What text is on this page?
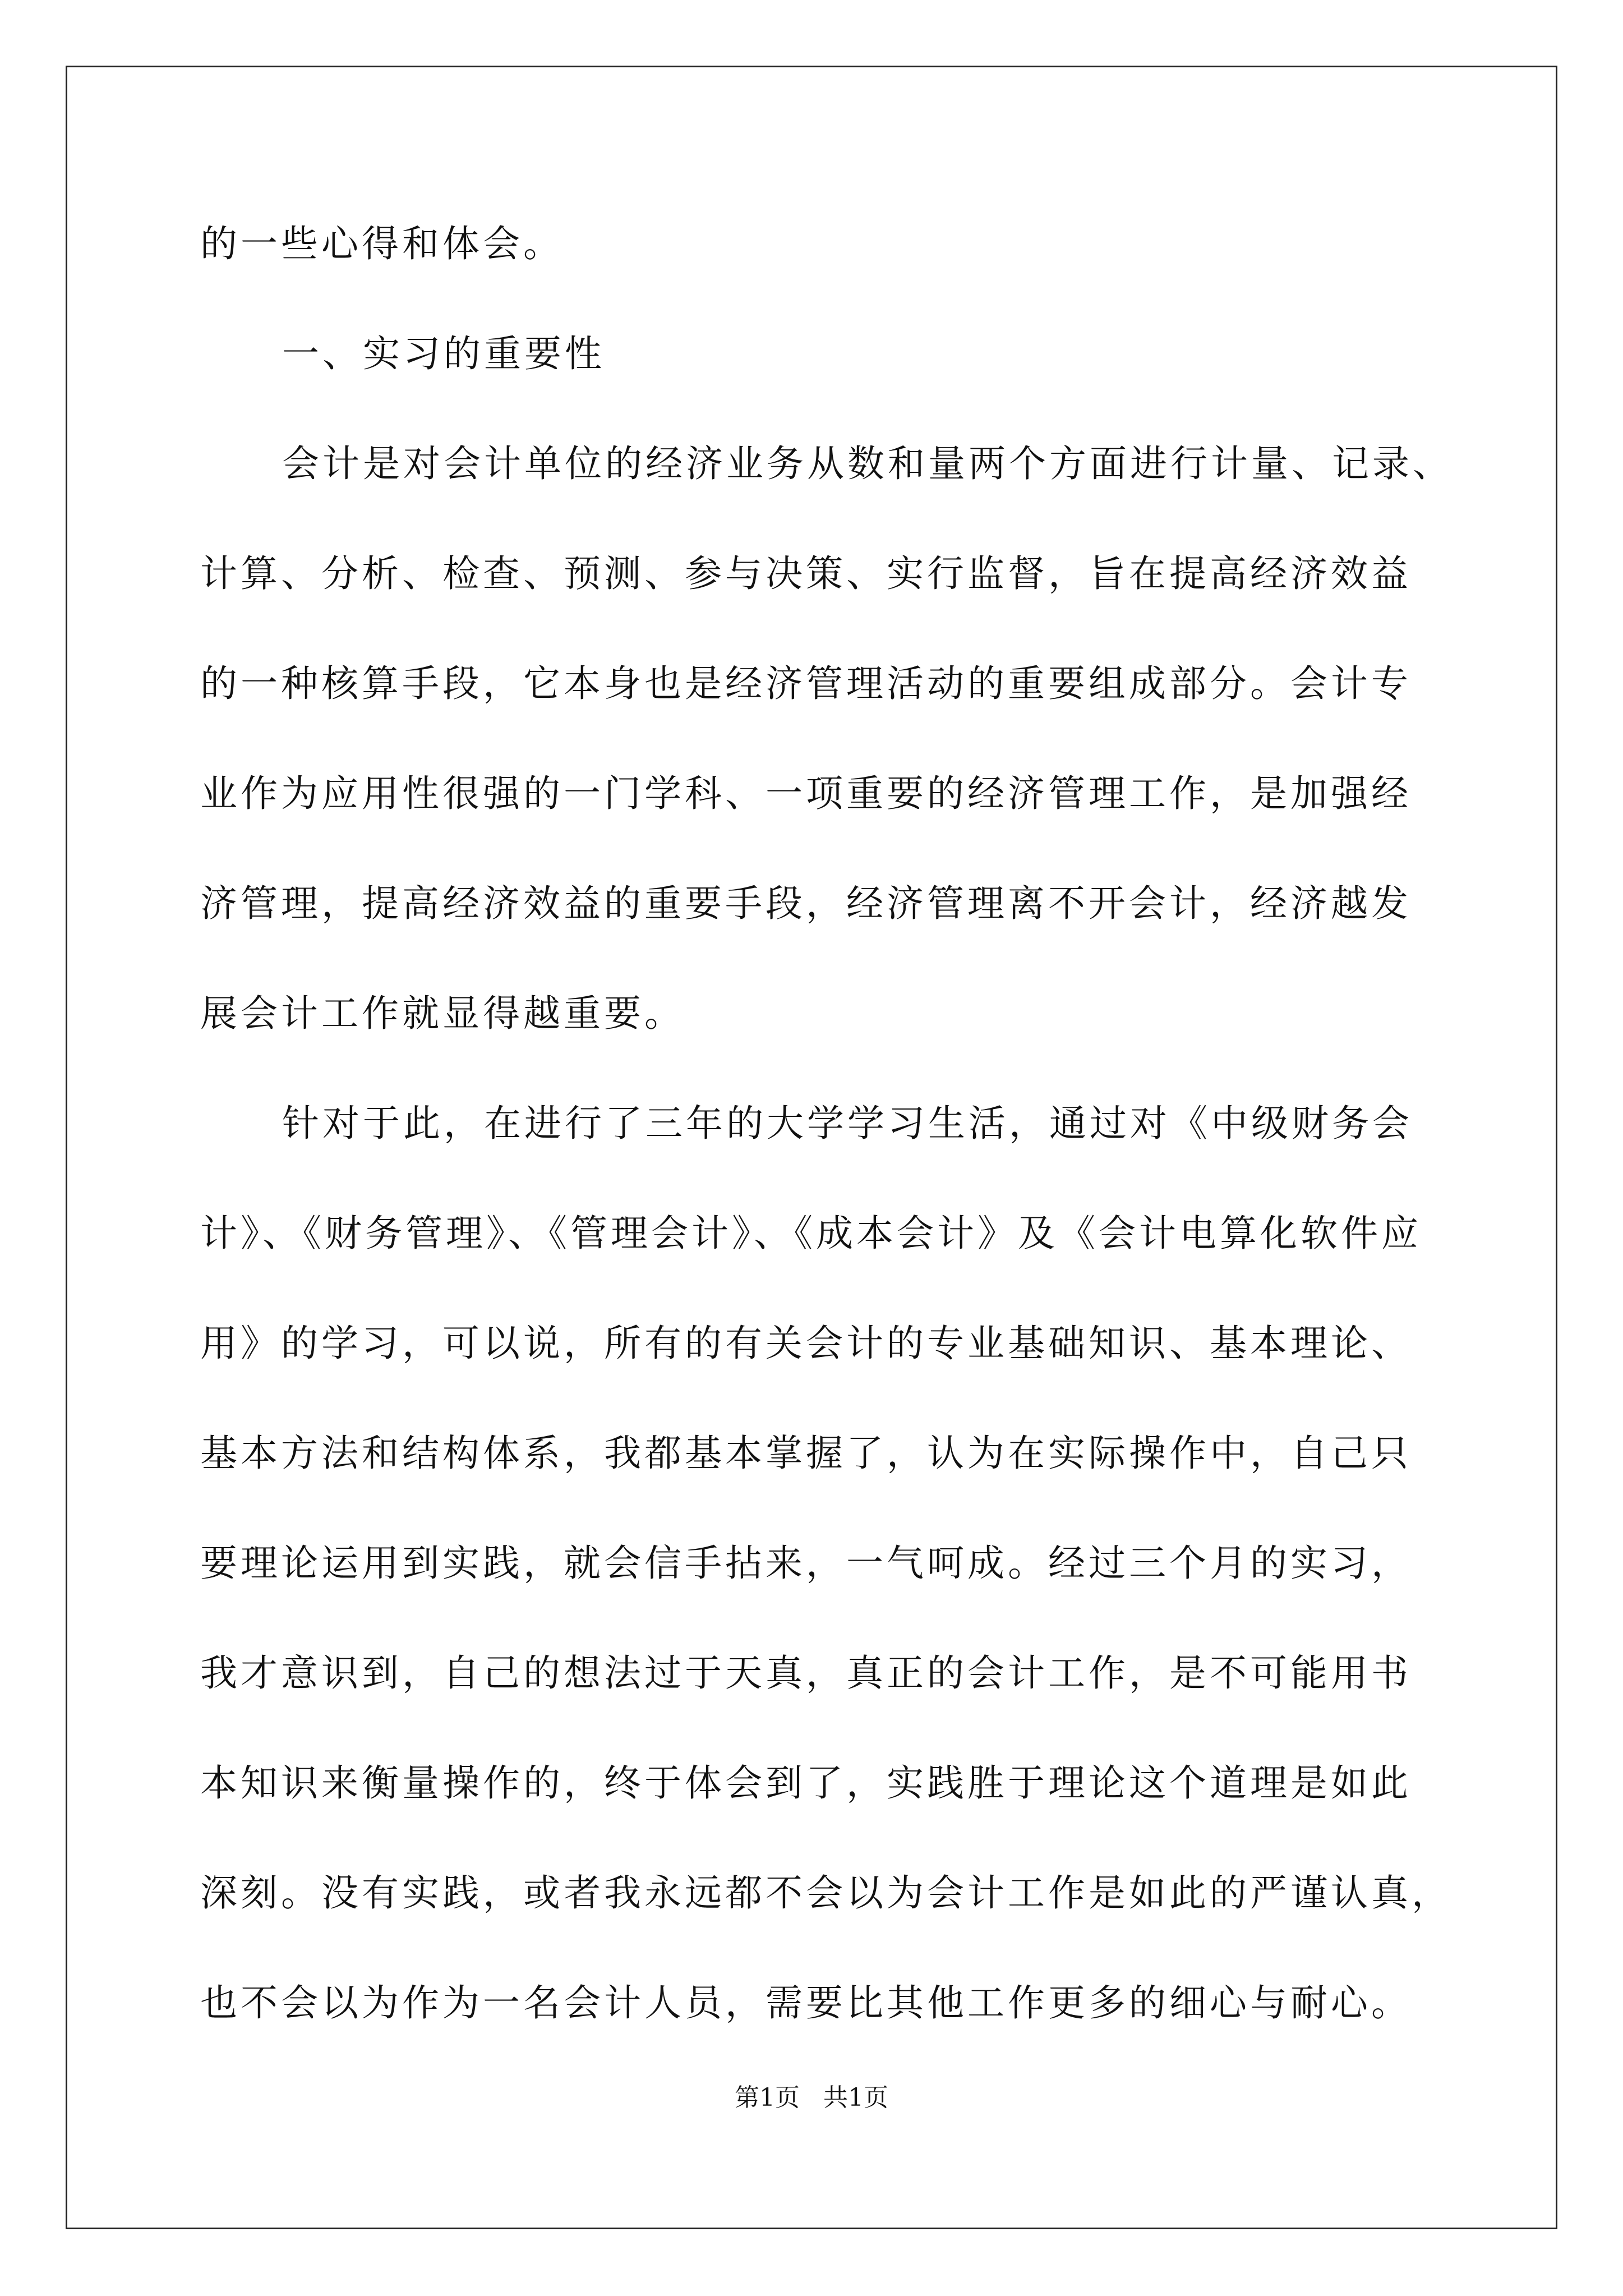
的一些心得和体会。
一、实习的重要性
会计是对会计单位的经济业务从数和量两个方面进行计量、记录、
计算、分析、检查、预测、参与决策、实行监督，旨在提高经济效益
的一种核算手段，它本身也是经济管理活动的重要组成部分。会计专
业作为应用性很强的一门学科、一项重要的经济管理工作，是加强经
济管理，提高经济效益的重要手段，经济管理离不开会计，经济越发
展会计工作就显得越重要。
针对于此，在进行了三年的大学学习生活，通过对《中级财务会
计》、《财务管理》、《管理会计》、《成本会计》及《会计电算化软件应
用》的学习，可以说，所有的有关会计的专业基础知识、基本理论、
基本方法和结构体系，我都基本掌握了，认为在实际操作中，自己只
要理论运用到实践，就会信手拈来，一气呵成。经过三个月的实习，
我才意识到，自己的想法过于天真，真正的会计工作，是不可能用书
本知识来衡量操作的，终于体会到了，实践胜于理论这个道理是如此
深刻。没有实践，或者我永远都不会以为会计工作是如此的严谨认真，
也不会以为作为一名会计人员，需要比其他工作更多的细心与耐心。
第1页   共1页
